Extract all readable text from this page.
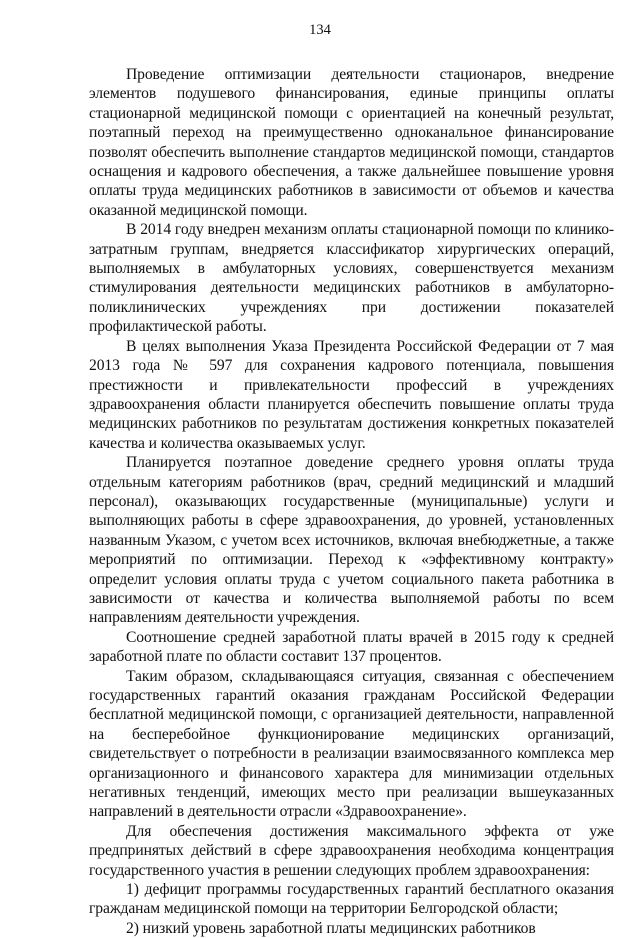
134

Проведение оптимизации деятельности стационаров, внедрение элементов подушевого финансирования, единые принципы оплаты стационарной медицинской помощи с ориентацией на конечный результат, поэтапный переход на преимущественно одноканальное финансирование позволят обеспечить выполнение стандартов медицинской помощи, стандартов оснащения и кадрового обеспечения, а также дальнейшее повышение уровня оплаты труда медицинских работников в зависимости от объемов и качества оказанной медицинской помощи.

В 2014 году внедрен механизм оплаты стационарной помощи по клинико-затратным группам, внедряется классификатор хирургических операций, выполняемых в амбулаторных условиях, совершенствуется механизм стимулирования деятельности медицинских работников в амбулаторно-поликлинических учреждениях при достижении показателей профилактической работы.

В целях выполнения Указа Президента Российской Федерации от 7 мая 2013 года № 597 для сохранения кадрового потенциала, повышения престижности и привлекательности профессий в учреждениях здравоохранения области планируется обеспечить повышение оплаты труда медицинских работников по результатам достижения конкретных показателей качества и количества оказываемых услуг.

Планируется поэтапное доведение среднего уровня оплаты труда отдельным категориям работников (врач, средний медицинский и младший персонал), оказывающих государственные (муниципальные) услуги и выполняющих работы в сфере здравоохранения, до уровней, установленных названным Указом, с учетом всех источников, включая внебюджетные, а также мероприятий по оптимизации. Переход к «эффективному контракту» определит условия оплаты труда с учетом социального пакета работника в зависимости от качества и количества выполняемой работы по всем направлениям деятельности учреждения.

Соотношение средней заработной платы врачей в 2015 году к средней заработной плате по области составит 137 процентов.

Таким образом, складывающаяся ситуация, связанная с обеспечением государственных гарантий оказания гражданам Российской Федерации бесплатной медицинской помощи, с организацией деятельности, направленной на бесперебойное функционирование медицинских организаций, свидетельствует о потребности в реализации взаимосвязанного комплекса мер организационного и финансового характера для минимизации отдельных негативных тенденций, имеющих место при реализации вышеуказанных направлений в деятельности отрасли «Здравоохранение».

Для обеспечения достижения максимального эффекта от уже предпринятых действий в сфере здравоохранения необходима концентрация государственного участия в решении следующих проблем здравоохранения:

1) дефицит программы государственных гарантий бесплатного оказания гражданам медицинской помощи на территории Белгородской области;

2) низкий уровень заработной платы медицинских работников
